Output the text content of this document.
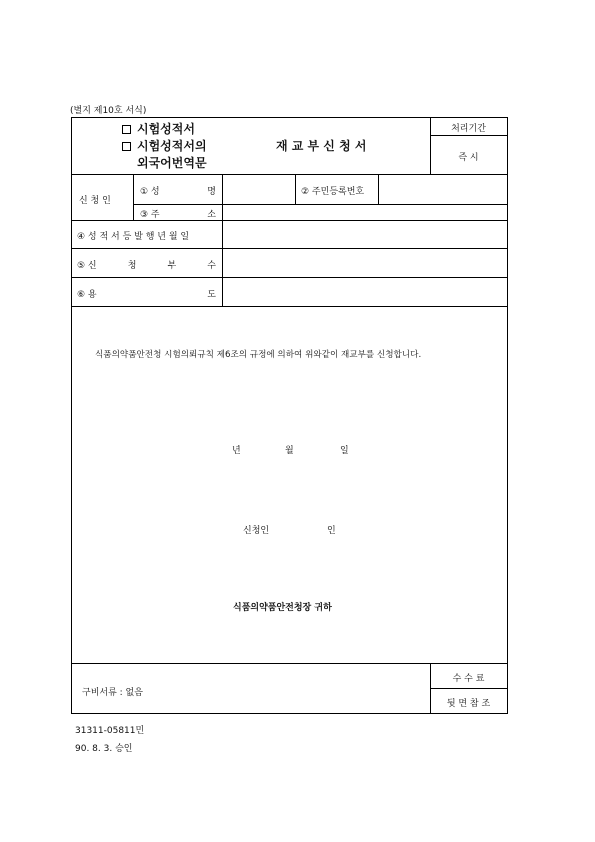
(별지 제10호 서식)
시험성적서
시험성적서의
외국어번역문
재 교 부 신 청 서
처리기간
즉 시
신 청 인
① 성	명	② 주민등록번호
③ 주	소
④ 성 적 서 등 발 행 년 월 일
⑤ 신	청	부	수
⑥ 용	도
식품의약품안전청 시험의뢰규칙 제6조의 규정에 의하여 위와같이 재교부를 신청합니다.
년	월	일
신청인	인
식품의약품안전청장 귀하
구비서류 : 없음
수 수 료
뒷 면 참 조
31311-05811민
90. 8. 3. 승인
